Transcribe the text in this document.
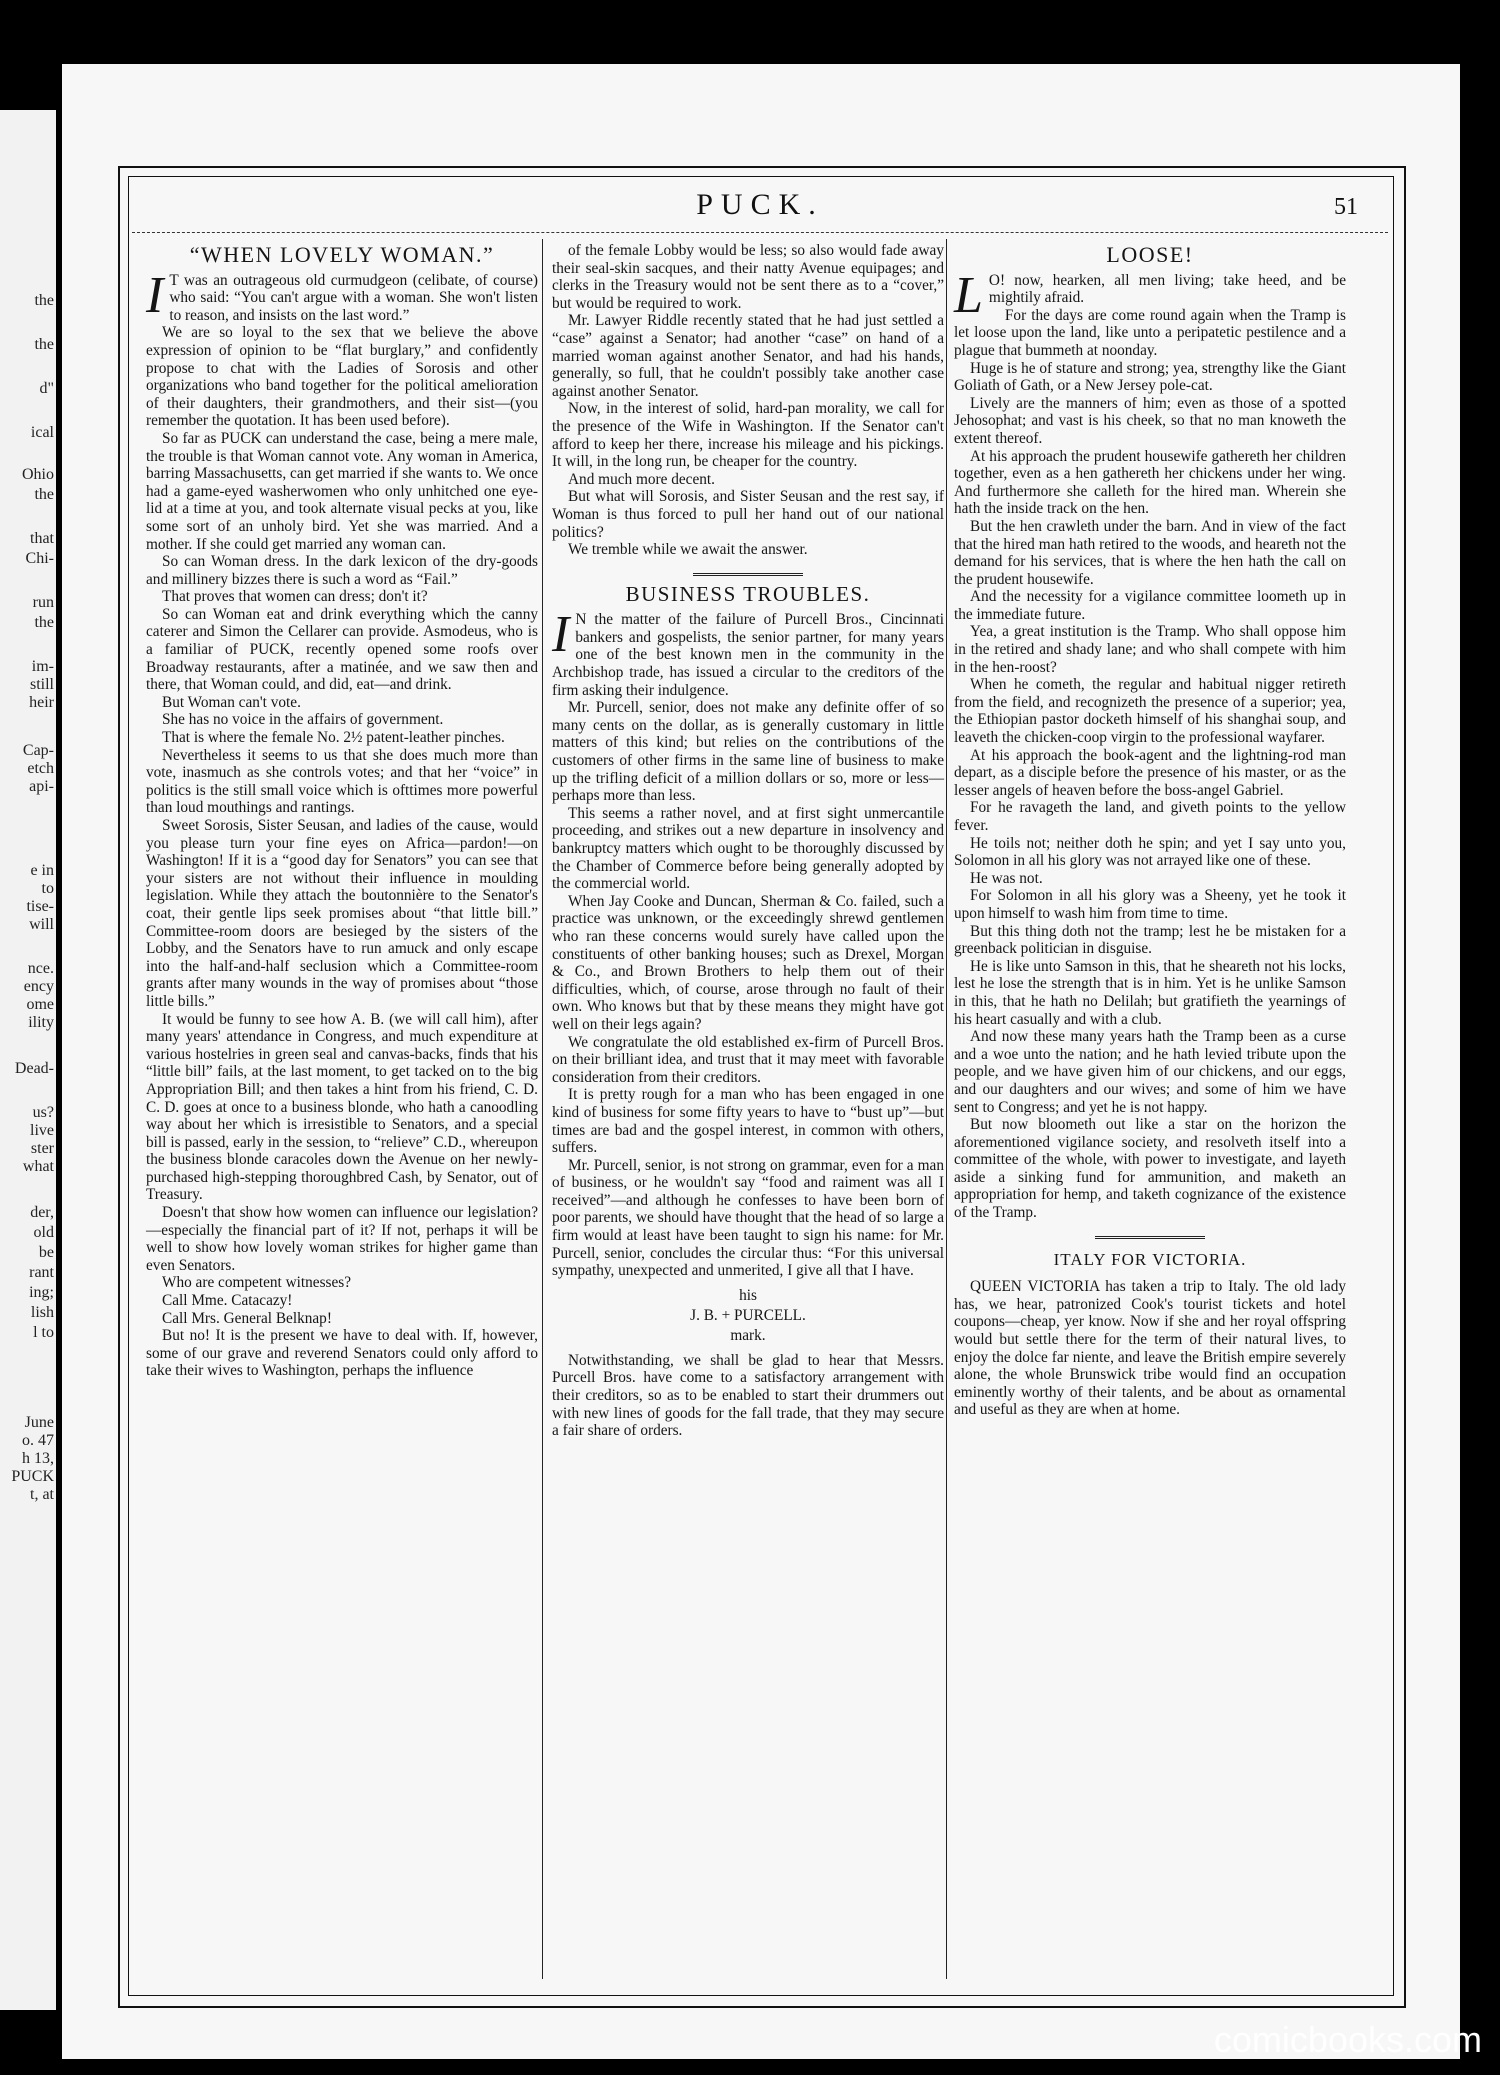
the
the
d"
ical
Ohio
the
that
Chi-
run
the
im-
still
heir
Cap-
etch
api-
e in
to
tise-
will
nce.
ency
ome
ility
Dead-
us?
live
ster
what
der,
old
be
rant
ing;
lish
l to
June
o. 47
h 13,
PUCK
t, at
PUCK.	51
“WHEN LOVELY WOMAN.”
I T was an outrageous old curmudgeon (celibate, of course) who said: “You can't argue with a woman. She won't listen to reason, and insists on the last word.”

We are so loyal to the sex that we believe the above expression of opinion to be “flat burglary,” and confidently propose to chat with the Ladies of Sorosis and other organizations who band together for the political amelioration of their daughters, their grandmothers, and their sist—(you remember the quotation. It has been used before).

So far as PUCK can understand the case, being a mere male, the trouble is that Woman cannot vote. Any woman in America, barring Massachusetts, can get married if she wants to. We once had a game-eyed washerwomen who only unhitched one eye-lid at a time at you, and took alternate visual pecks at you, like some sort of an unholy bird. Yet she was married. And a mother. If she could get married any woman can.

So can Woman dress. In the dark lexicon of the dry-goods and millinery bizzes there is such a word as “Fail.”

That proves that women can dress; don't it?

So can Woman eat and drink everything which the canny caterer and Simon the Cellarer can provide. Asmodeus, who is a familiar of PUCK, recently opened some roofs over Broadway restaurants, after a matinée, and we saw then and there, that Woman could, and did, eat—and drink.

But Woman can't vote.

She has no voice in the affairs of government.

That is where the female No. 2½ patent-leather pinches.

Nevertheless it seems to us that she does much more than vote, inasmuch as she controls votes; and that her “voice” in politics is the still small voice which is ofttimes more powerful than loud mouthings and rantings.

Sweet Sorosis, Sister Seusan, and ladies of the cause, would you please turn your fine eyes on Africa—pardon!—on Washington! If it is a “good day for Senators” you can see that your sisters are not without their influence in moulding legislation. While they attach the boutonnière to the Senator's coat, their gentle lips seek promises about “that little bill.” Committee-room doors are besieged by the sisters of the Lobby, and the Senators have to run amuck and only escape into the half-and-half seclusion which a Committee-room grants after many wounds in the way of promises about “those little bills.”

It would be funny to see how A. B. (we will call him), after many years' attendance in Congress, and much expenditure at various hostelries in green seal and canvas-backs, finds that his “little bill” fails, at the last moment, to get tacked on to the big Appropriation Bill; and then takes a hint from his friend, C. D. C. D. goes at once to a business blonde, who hath a canoodling way about her which is irresistible to Senators, and a special bill is passed, early in the session, to “relieve” C.D., whereupon the business blonde caracoles down the Avenue on her newly-purchased high-stepping thoroughbred Cash, by Senator, out of Treasury.

Doesn't that show how women can influence our legislation?—especially the financial part of it? If not, perhaps it will be well to show how lovely woman strikes for higher game than even Senators.

Who are competent witnesses?

Call Mme. Catacazy!

Call Mrs. General Belknap!

But no! It is the present we have to deal with. If, however, some of our grave and reverend Senators could only afford to take their wives to Washington, perhaps the influence

of the female Lobby would be less; so also would fade away their seal-skin sacques, and their natty Avenue equipages; and clerks in the Treasury would not be sent there as to a “cover,” but would be required to work.

Mr. Lawyer Riddle recently stated that he had just settled a “case” against a Senator; had another “case” on hand of a married woman against another Senator, and had his hands, generally, so full, that he couldn't possibly take another case against another Senator.

Now, in the interest of solid, hard-pan morality, we call for the presence of the Wife in Washington. If the Senator can't afford to keep her there, increase his mileage and his pickings. It will, in the long run, be cheaper for the country.

And much more decent.

But what will Sorosis, and Sister Seusan and the rest say, if Woman is thus forced to pull her hand out of our national politics?

We tremble while we await the answer.

BUSINESS TROUBLES.
I N the matter of the failure of Purcell Bros., Cincinnati bankers and gospelists, the senior partner, for many years one of the best known men in the community in the Archbishop trade, has issued a circular to the creditors of the firm asking their indulgence.

Mr. Purcell, senior, does not make any definite offer of so many cents on the dollar, as is generally customary in little matters of this kind; but relies on the contributions of the customers of other firms in the same line of business to make up the trifling deficit of a million dollars or so, more or less—perhaps more than less.

This seems a rather novel, and at first sight unmercantile proceeding, and strikes out a new departure in insolvency and bankruptcy matters which ought to be thoroughly discussed by the Chamber of Commerce before being generally adopted by the commercial world.

When Jay Cooke and Duncan, Sherman & Co. failed, such a practice was unknown, or the exceedingly shrewd gentlemen who ran these concerns would surely have called upon the constituents of other banking houses; such as Drexel, Morgan & Co., and Brown Brothers to help them out of their difficulties, which, of course, arose through no fault of their own. Who knows but that by these means they might have got well on their legs again?

We congratulate the old established ex-firm of Purcell Bros. on their brilliant idea, and trust that it may meet with favorable consideration from their creditors.

It is pretty rough for a man who has been engaged in one kind of business for some fifty years to have to “bust up”—but times are bad and the gospel interest, in common with others, suffers.

Mr. Purcell, senior, is not strong on grammar, even for a man of business, or he wouldn't say “food and raiment was all I received”—and although he confesses to have been born of poor parents, we should have thought that the head of so large a firm would at least have been taught to sign his name: for Mr. Purcell, senior, concludes the circular thus: “For this universal sympathy, unexpected and unmerited, I give all that I have.

his
J. B. + PURCELL.
mark.

Notwithstanding, we shall be glad to hear that Messrs. Purcell Bros. have come to a satisfactory arrangement with their creditors, so as to be enabled to start their drummers out with new lines of goods for the fall trade, that they may secure a fair share of orders.

LOOSE!
L O! now, hearken, all men living; take heed, and be mightily afraid.

For the days are come round again when the Tramp is let loose upon the land, like unto a peripatetic pestilence and a plague that bummeth at noonday.

Huge is he of stature and strong; yea, strengthy like the Giant Goliath of Gath, or a New Jersey pole-cat.

Lively are the manners of him; even as those of a spotted Jehosophat; and vast is his cheek, so that no man knoweth the extent thereof.

At his approach the prudent housewife gathereth her children together, even as a hen gathereth her chickens under her wing. And furthermore she calleth for the hired man. Wherein she hath the inside track on the hen.

But the hen crawleth under the barn. And in view of the fact that the hired man hath retired to the woods, and heareth not the demand for his services, that is where the hen hath the call on the prudent housewife.

And the necessity for a vigilance committee loometh up in the immediate future.

Yea, a great institution is the Tramp. Who shall oppose him in the retired and shady lane; and who shall compete with him in the hen-roost?

When he cometh, the regular and habitual nigger retireth from the field, and recognizeth the presence of a superior; yea, the Ethiopian pastor docketh himself of his shanghai soup, and leaveth the chicken-coop virgin to the professional wayfarer.

At his approach the book-agent and the lightning-rod man depart, as a disciple before the presence of his master, or as the lesser angels of heaven before the boss-angel Gabriel.

For he ravageth the land, and giveth points to the yellow fever.

He toils not; neither doth he spin; and yet I say unto you, Solomon in all his glory was not arrayed like one of these.

He was not.

For Solomon in all his glory was a Sheeny, yet he took it upon himself to wash him from time to time.

But this thing doth not the tramp; lest he be mistaken for a greenback politician in disguise.

He is like unto Samson in this, that he sheareth not his locks, lest he lose the strength that is in him. Yet is he unlike Samson in this, that he hath no Delilah; but gratifieth the yearnings of his heart casually and with a club.

And now these many years hath the Tramp been as a curse and a woe unto the nation; and he hath levied tribute upon the people, and we have given him of our chickens, and our eggs, and our daughters and our wives; and some of him we have sent to Congress; and yet he is not happy.

But now bloometh out like a star on the horizon the aforementioned vigilance society, and resolveth itself into a committee of the whole, with power to investigate, and layeth aside a sinking fund for ammunition, and maketh an appropriation for hemp, and taketh cognizance of the existence of the Tramp.

ITALY FOR VICTORIA.

QUEEN VICTORIA has taken a trip to Italy. The old lady has, we hear, patronized Cook's tourist tickets and hotel coupons—cheap, yer know. Now if she and her royal offspring would but settle there for the term of their natural lives, to enjoy the dolce far niente, and leave the British empire severely alone, the whole Brunswick tribe would find an occupation eminently worthy of their talents, and be about as ornamental and useful as they are when at home.

comicbooks.com
